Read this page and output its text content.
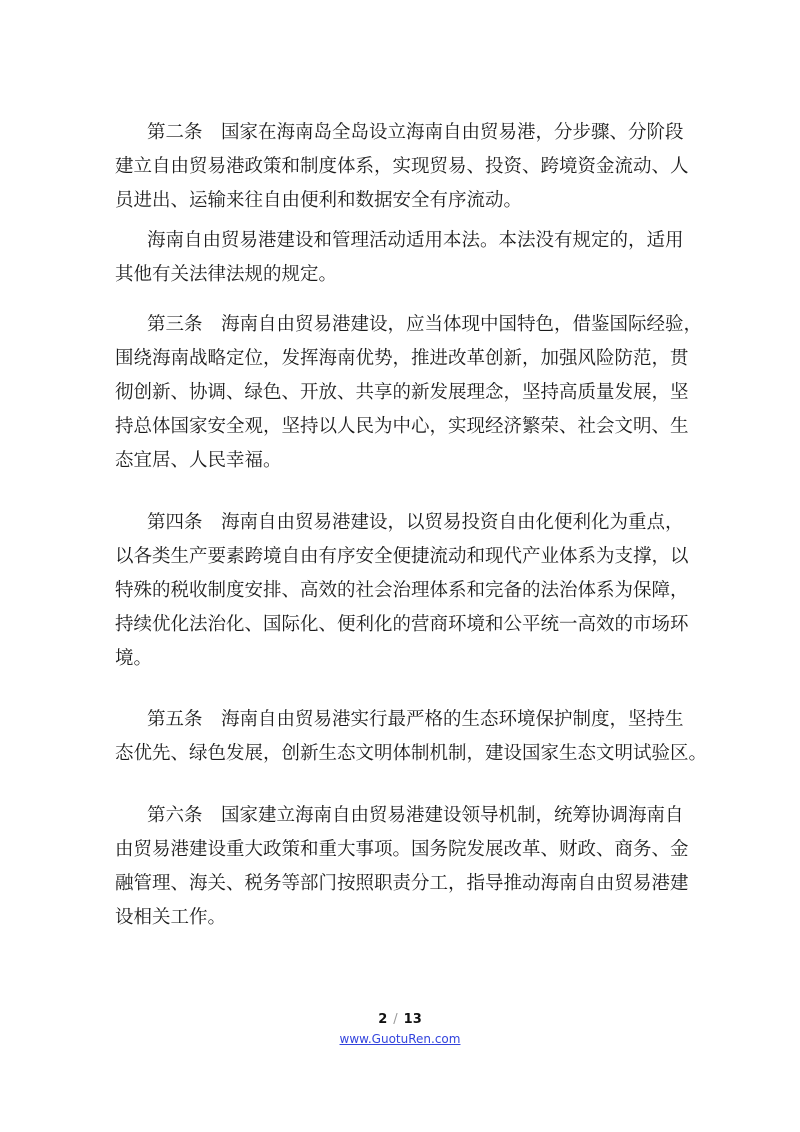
第二条　国家在海南岛全岛设立海南自由贸易港，分步骤、分阶段
建立自由贸易港政策和制度体系，实现贸易、投资、跨境资金流动、人
员进出、运输来往自由便利和数据安全有序流动。
海南自由贸易港建设和管理活动适用本法。本法没有规定的，适用
其他有关法律法规的规定。
第三条　海南自由贸易港建设，应当体现中国特色，借鉴国际经验，
围绕海南战略定位，发挥海南优势，推进改革创新，加强风险防范，贯
彻创新、协调、绿色、开放、共享的新发展理念，坚持高质量发展，坚
持总体国家安全观，坚持以人民为中心，实现经济繁荣、社会文明、生
态宜居、人民幸福。
第四条　海南自由贸易港建设，以贸易投资自由化便利化为重点，
以各类生产要素跨境自由有序安全便捷流动和现代产业体系为支撑，以
特殊的税收制度安排、高效的社会治理体系和完备的法治体系为保障，
持续优化法治化、国际化、便利化的营商环境和公平统一高效的市场环
境。
第五条　海南自由贸易港实行最严格的生态环境保护制度，坚持生
态优先、绿色发展，创新生态文明体制机制，建设国家生态文明试验区。
第六条　国家建立海南自由贸易港建设领导机制，统筹协调海南自
由贸易港建设重大政策和重大事项。国务院发展改革、财政、商务、金
融管理、海关、税务等部门按照职责分工，指导推动海南自由贸易港建
设相关工作。
2 / 13
www.GuotuRen.com
